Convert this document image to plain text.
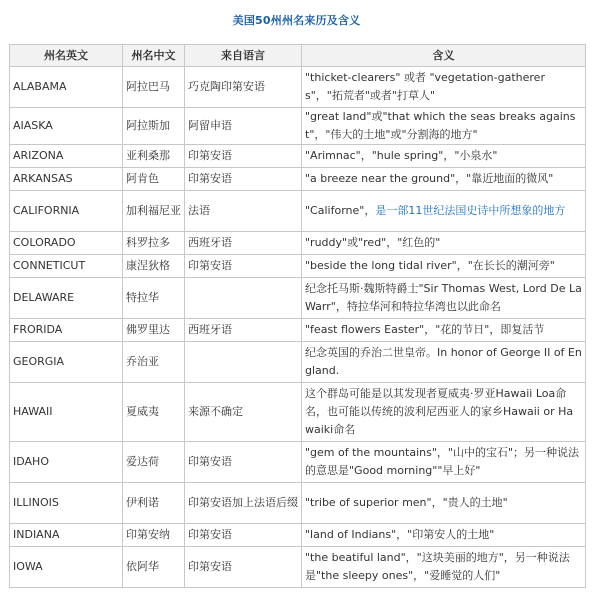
美国50州州名来历及含义
州名英文	州名中文	来自语言	含义
ALABAMA	阿拉巴马	巧克陶印第安语	"thicket-clearers" 或者 "vegetation-gatherers"，"拓荒者"或者"打草人"
AIASKA	阿拉斯加	阿留申语	"great land"或"that which the seas breaks against"，"伟大的土地"或"分割海的地方"
ARIZONA	亚利桑那	印第安语	"Arimnac"，"hule spring"，"小泉水"
ARKANSAS	阿肯色	印第安语	"a breeze near the ground"，"靠近地面的微风"
CALIFORNIA	加利福尼亚	法语	"Californe"，是一部11世纪法国史诗中所想象的地方
COLORADO	科罗拉多	西班牙语	"ruddy"或"red"，"红色的"
CONNETICUT	康涅狄格	印第安语	"beside the long tidal river"，"在长长的潮河旁"
DELAWARE	特拉华		纪念托马斯·魏斯特爵士"Sir Thomas West, Lord De La Warr"，特拉华河和特拉华湾也以此命名
FRORIDA	佛罗里达	西班牙语	"feast flowers Easter"，"花的节日"，即复活节
GEORGIA	乔治亚		纪念英国的乔治二世皇帝。In honor of George II of England.
HAWAII	夏威夷	来源不确定	这个群岛可能是以其发现者夏威夷·罗亚Hawaii Loa命名，也可能以传统的波利尼西亚人的家乡Hawaii or Hawaiki命名
IDAHO	爱达荷	印第安语	"gem of the mountains"，"山中的宝石"；另一种说法的意思是"Good morning""早上好"
ILLINOIS	伊利诺	印第安语加上法语后缀	"tribe of superior men"，"贵人的土地"
INDIANA	印第安纳	印第安语	"land of Indians"，"印第安人的土地"
IOWA	依阿华	印第安语	"the beatiful land"，"这块美丽的地方"，另一种说法是"the sleepy ones"，"爱睡觉的人们"
